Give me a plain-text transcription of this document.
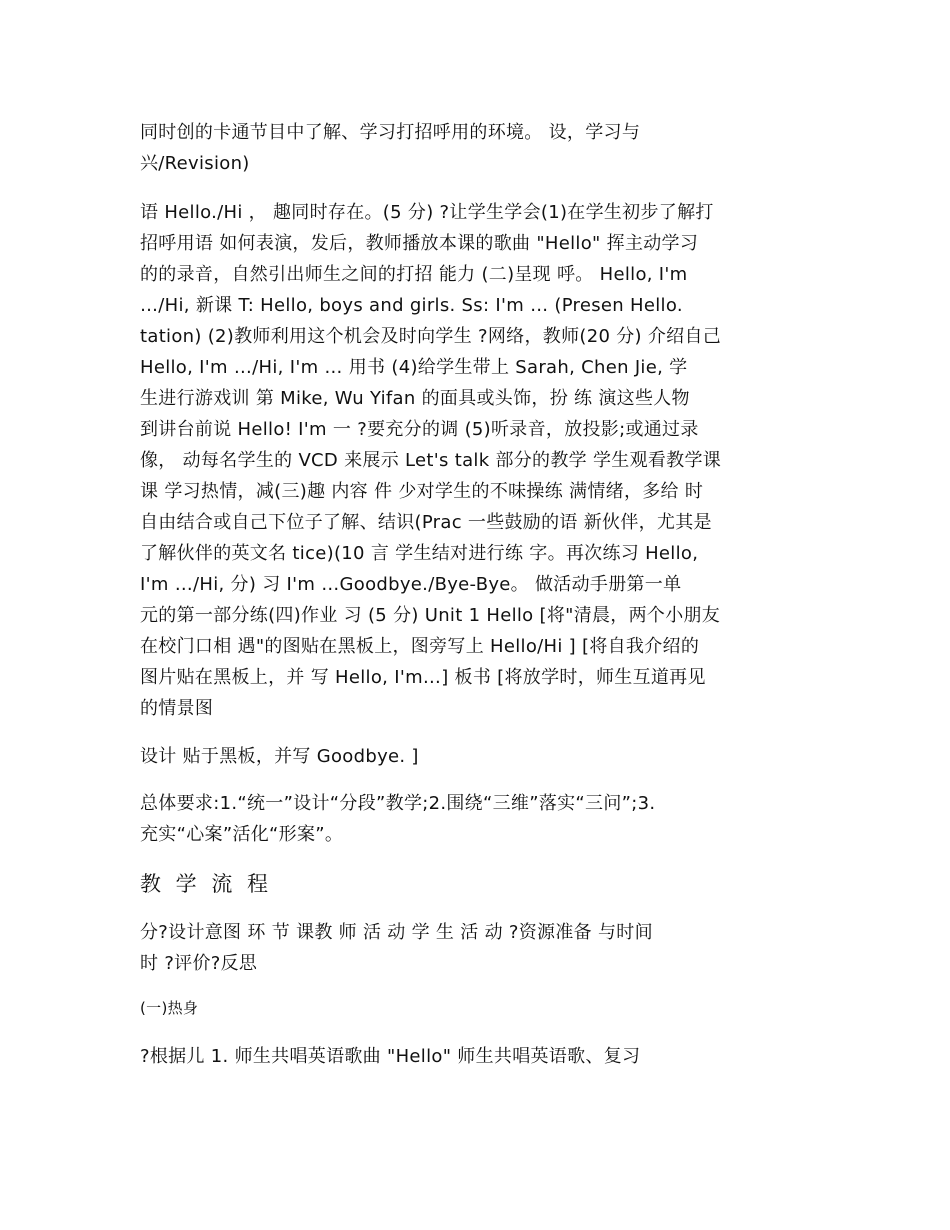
同时创的卡通节目中了解、学习打招呼用的环境。 设，学习与
兴/Revision)

语 Hello./Hi ， 趣同时存在。(5 分) ?让学生学会(1)在学生初步了解打
招呼用语 如何表演，发后，教师播放本课的歌曲 "Hello" 挥主动学习
的的录音，自然引出师生之间的打招 能力 (二)呈现 呼。 Hello, I'm
…/Hi, 新课 T: Hello, boys and girls. Ss: I'm … (Presen Hello.
tation) (2)教师利用这个机会及时向学生 ?网络，教师(20 分) 介绍自己
Hello, I'm …/Hi, I'm … 用书 (4)给学生带上 Sarah, Chen Jie, 学
生进行游戏训 第 Mike, Wu Yifan 的面具或头饰，扮 练 演这些人物
到讲台前说 Hello! I'm 一 ?要充分的调 (5)听录音，放投影;或通过录
像， 动每名学生的 VCD 来展示 Let's talk 部分的教学 学生观看教学课
课 学习热情，减(三)趣 内容 件 少对学生的不味操练 满情绪，多给 时
自由结合或自己下位子了解、结识(Prac 一些鼓励的语 新伙伴，尤其是
了解伙伴的英文名 tice)(10 言 学生结对进行练 字。再次练习 Hello,
I'm …/Hi, 分) 习 I'm …Goodbye./Bye-Bye。 做活动手册第一单
元的第一部分练(四)作业 习 (5 分) Unit 1 Hello [将"清晨，两个小朋友
在校门口相 遇"的图贴在黑板上，图旁写上 Hello/Hi ] [将自我介绍的
图片贴在黑板上，并 写 Hello, I'm…] 板书 [将放学时，师生互道再见
的情景图

设计 贴于黑板，并写 Goodbye. ]

总体要求:1.“统一”设计“分段”教学;2.围绕“三维”落实“三问”;3.
充实“心案”活化“形案”。

教 学 流 程

分?设计意图 环 节 课教 师 活 动 学 生 活 动 ?资源准备 与时间
时 ?评价?反思

(一)热身

?根据儿 1. 师生共唱英语歌曲 "Hello" 师生共唱英语歌、复习
